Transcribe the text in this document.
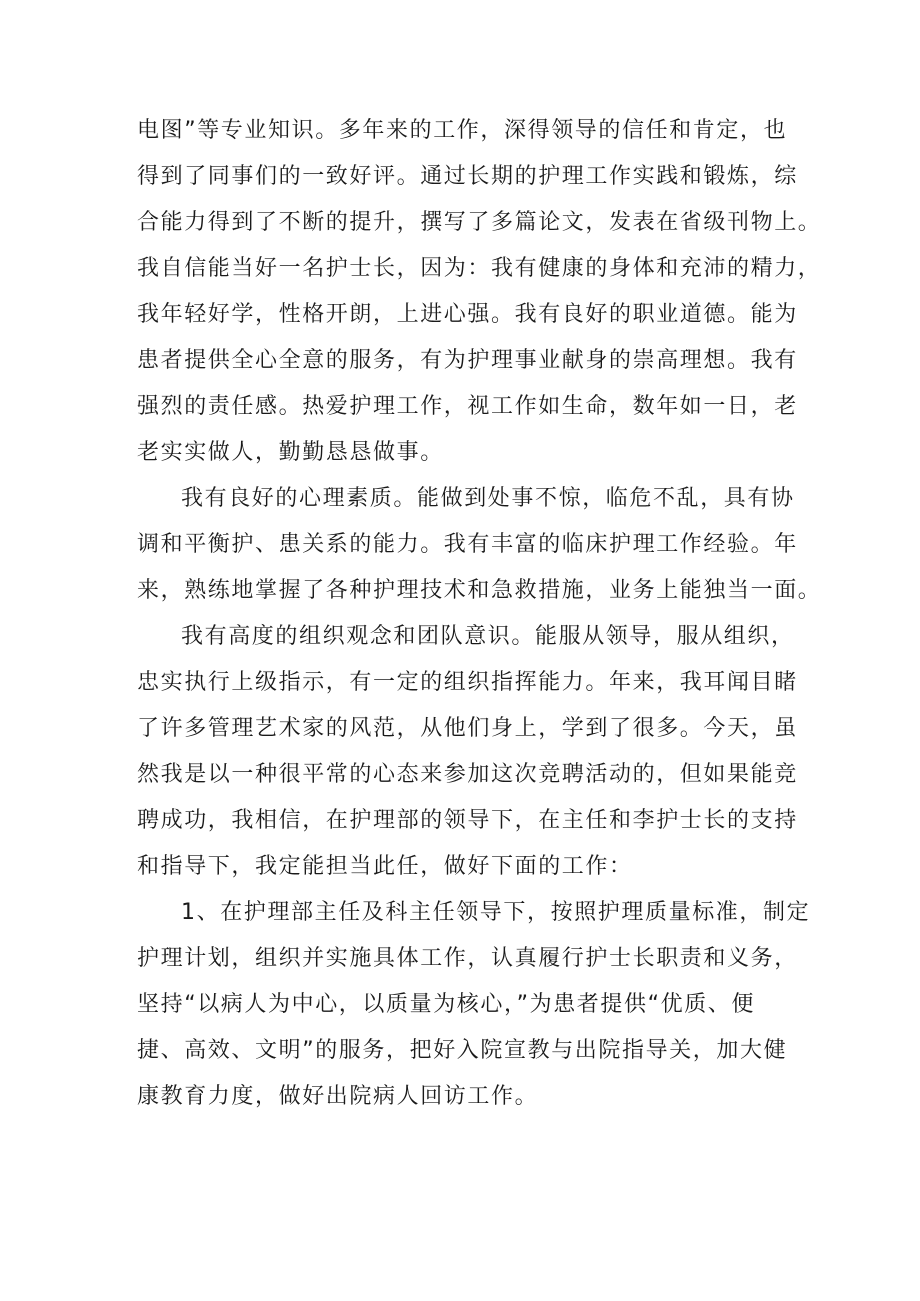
电图”等专业知识。多年来的工作，深得领导的信任和肯定，也
得到了同事们的一致好评。通过长期的护理工作实践和锻炼，综
合能力得到了不断的提升，撰写了多篇论文，发表在省级刊物上。
我自信能当好一名护士长，因为：我有健康的身体和充沛的精力，
我年轻好学，性格开朗，上进心强。我有良好的职业道德。能为
患者提供全心全意的服务，有为护理事业献身的崇高理想。我有
强烈的责任感。热爱护理工作，视工作如生命，数年如一日，老
老实实做人，勤勤恳恳做事。
我有良好的心理素质。能做到处事不惊，临危不乱，具有协
调和平衡护、患关系的能力。我有丰富的临床护理工作经验。年
来，熟练地掌握了各种护理技术和急救措施，业务上能独当一面。
我有高度的组织观念和团队意识。能服从领导，服从组织，
忠实执行上级指示，有一定的组织指挥能力。年来，我耳闻目睹
了许多管理艺术家的风范，从他们身上，学到了很多。今天，虽
然我是以一种很平常的心态来参加这次竞聘活动的，但如果能竞
聘成功，我相信，在护理部的领导下，在主任和李护士长的支持
和指导下，我定能担当此任，做好下面的工作：
1、在护理部主任及科主任领导下，按照护理质量标准，制定
护理计划，组织并实施具体工作，认真履行护士长职责和义务，
坚持“以病人为中心，以质量为核心，”为患者提供“优质、便
捷、高效、文明”的服务，把好入院宣教与出院指导关，加大健
康教育力度，做好出院病人回访工作。
